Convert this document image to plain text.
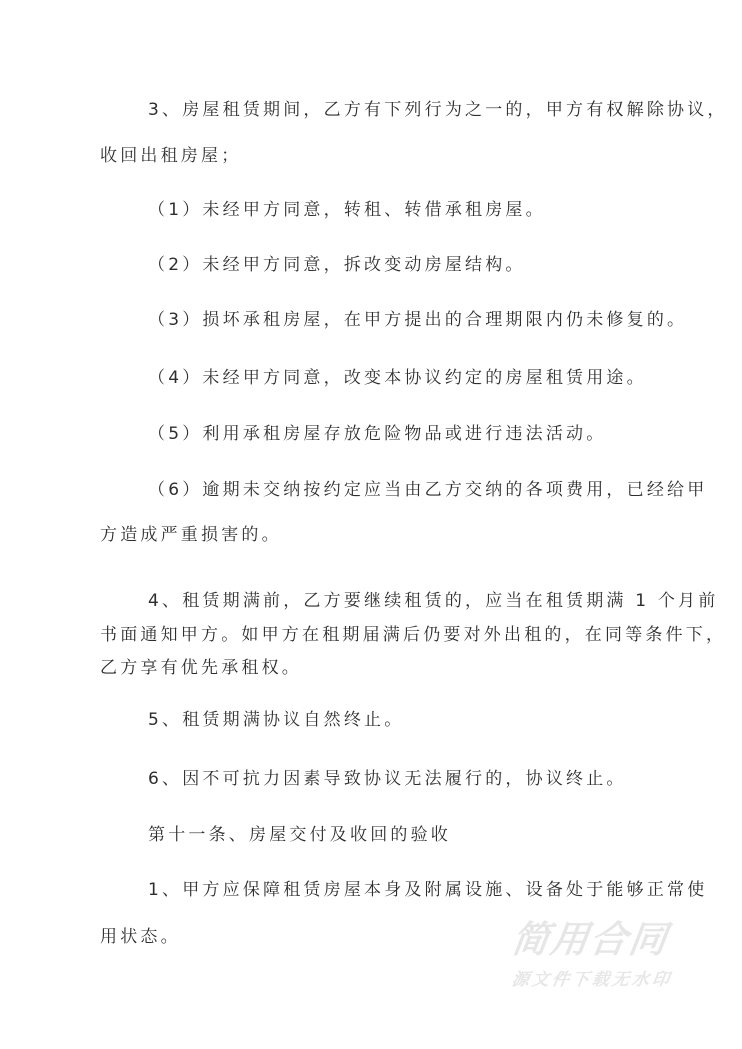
3、房屋租赁期间，乙方有下列行为之一的，甲方有权解除协议，
收回出租房屋；
（1）未经甲方同意，转租、转借承租房屋。
（2）未经甲方同意，拆改变动房屋结构。
（3）损坏承租房屋，在甲方提出的合理期限内仍未修复的。
（4）未经甲方同意，改变本协议约定的房屋租赁用途。
（5）利用承租房屋存放危险物品或进行违法活动。
（6）逾期未交纳按约定应当由乙方交纳的各项费用，已经给甲
方造成严重损害的。
4、租赁期满前，乙方要继续租赁的，应当在租赁期满 1 个月前
书面通知甲方。如甲方在租期届满后仍要对外出租的，在同等条件下，
乙方享有优先承租权。
5、租赁期满协议自然终止。
6、因不可抗力因素导致协议无法履行的，协议终止。
第十一条、房屋交付及收回的验收
1、甲方应保障租赁房屋本身及附属设施、设备处于能够正常使
用状态。	简用合同
源文件下载无水印
